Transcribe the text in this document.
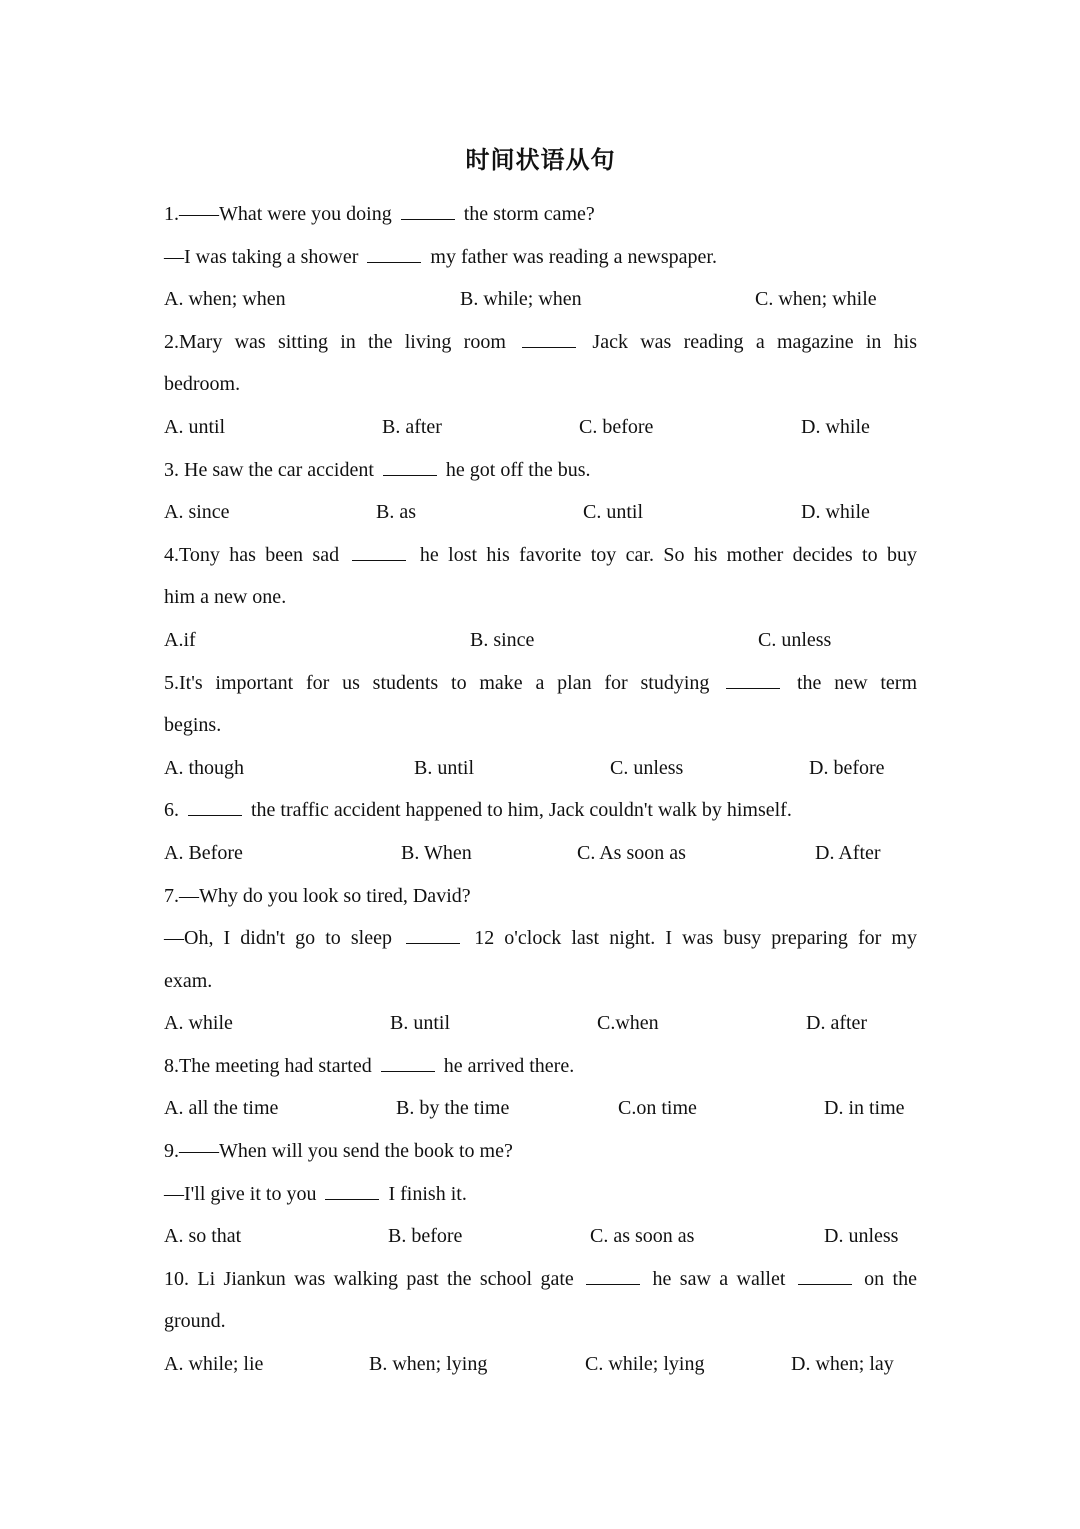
时间状语从句
1.——What were you doing	the storm came?
—I was taking a shower	my father was reading a newspaper.
A. when; when	B. while; when	C. when; while
2.Mary was sitting in the living room	Jack was reading a magazine in his
bedroom.
A. until	B. after	C. before	D. while
3. He saw the car accident	he got off the bus.
A. since	B. as	C. until	D. while
4.Tony has been sad	he lost his favorite toy car. So his mother decides to buy
him a new one.
A.if	B. since	C. unless
5.It's important for us students to make a plan for studying	the new term
begins.
A. though	B. until	C. unless	D. before
6.	the traffic accident happened to him, Jack couldn't walk by himself.
A. Before	B. When	C. As soon as	D. After
7.—Why do you look so tired, David?
—Oh, I didn't go to sleep	12 o'clock last night. I was busy preparing for my
exam.
A. while	B. until	C.when	D. after
8.The meeting had started	he arrived there.
A. all the time	B. by the time	C.on time	D. in time
9.——When will you send the book to me?
—I'll give it to you	I finish it.
A. so that	B. before	C. as soon as	D. unless
10. Li Jiankun was walking past the school gate	he saw a wallet	on the
ground.
A. while; lie	B. when; lying	C. while; lying	D. when; lay
